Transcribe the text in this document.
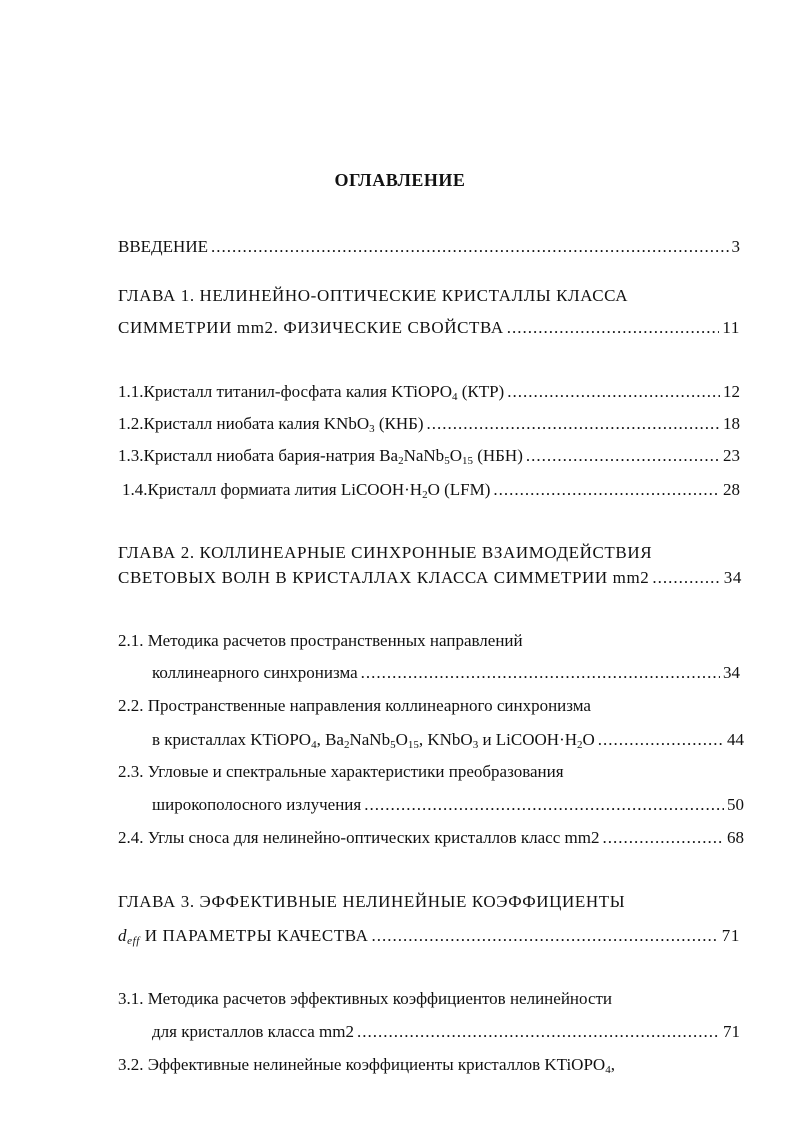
ОГЛАВЛЕНИЕ
ВВЕДЕНИЕ .....	3
ГЛАВА 1. НЕЛИНЕЙНО-ОПТИЧЕСКИЕ КРИСТАЛЛЫ КЛАССА
СИММЕТРИИ mm2. ФИЗИЧЕСКИЕ СВОЙСТВА .....	11
1.1. Кристалл титанил-фосфата калия KTiOPO$_4$ (КТР) .....	12
1.2. Кристалл ниобата калия KNbO$_3$ (КНБ) .....	18
1.3. Кристалл ниобата бария-натрия $Ba_2NaNb_5O_{15}$ (НБН) .....	23
1.4. Кристалл формиата лития $LiCOOH\cdot H_2O$ (LFM) .....	28
ГЛАВА 2. КОЛЛИНЕАРНЫЕ СИНХРОННЫЕ ВЗАИМОДЕЙСТВИЯ
СВЕТОВЫХ ВОЛН В КРИСТАЛЛАХ КЛАССА СИММЕТРИИ mm2 .....	34
2.1. Методика расчетов пространственных направлений
коллинеарного синхронизма .....	34
2.2. Пространственные направления коллинеарного синхронизма
в кристаллах KTiOPO$_4$, $Ba_2NaNb_5O_{15}$, KNbO$_3$ и $LiCOOH\cdot H_2O$ .....	44
2.3. Угловые и спектральные характеристики преобразования
широкополосного излучения .....	50
2.4. Углы сноса для нелинейно-оптических кристаллов класс mm2 .....	68
ГЛАВА 3. ЭФФЕКТИВНЫЕ НЕЛИНЕЙНЫЕ КОЭФФИЦИЕНТЫ
$d_{eff}$ И ПАРАМЕТРЫ КАЧЕСТВА .....	71
3.1. Методика расчетов эффективных коэффициентов нелинейности
для кристаллов класса mm2 .....	71
3.2. Эффективные нелинейные коэффициенты кристаллов KTiOPO$_4$,
